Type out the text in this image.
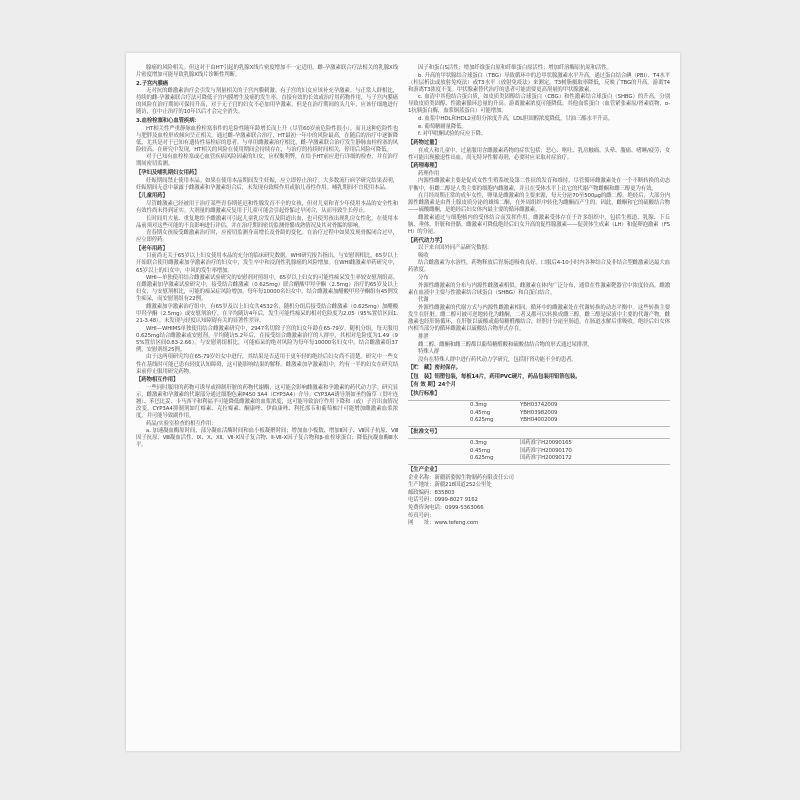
腺癌的风险相关。但这对于由HT引起的乳腺X线片密度增加不一定适用。雌-孕激素联合疗法相关的乳腺X线片密度增加可能导致乳腺X线片诊断性判断。

2.子宫内膜癌

无对抗的雌激素治疗会引发与剂量相关的子宫内膜刺激。有子宫的妇女应该补充孕激素。与正常人群相比，持续的雌-孕激素联合疗法可降低子宫内膜增生及癌的发生率。直接有效的长效或治疗用药物作用，与子宫内膜癌的风险在治疗期间可保持升高，对于无子宫的妇女不必加用孕激素，但是在治疗期间的头几年，应该仔细地进行随访，在中止治疗的10年以后才会完全消失。

3.血栓栓塞和心血管疾病：

HT相关性严重静脉血栓栓塞事件的危险性随年龄增长而上升（尽管60岁前危险性很小）。而且这种危险性也与肥胖及血栓形成倾向呈正相关。通过雌-孕激素联合治疗，HT最初一年中的风险最高，在随后的治疗中逐渐降低，尤其是对于已知有遗传性易栓症的患者。与单用雌激素治疗相比，雌-孕激素联合治疗发生静脉血栓栓塞的风险较高。在研究中发现，HT相关的风险在使用期间会持续存在，与治疗的持续时间相关，停用后风险可降低。

对于已知有血栓栓塞或心血管疾病风险因素的妇女，应权衡利弊，在给予HT前应进行详细的检查，并在治疗期间密切监测。

【孕妇及哺乳期妇女用药】

妊娠期间禁止使用本品。如果在使用本品期间发生妊娠，应立即停止治疗。大多数流行病学研究结果表明，妊娠期间无意中暴露于雌激素和孕激素组合后，未发现有致畸作用或胎儿毒性作用。哺乳期间不宜使用本品。

【儿童用药】

尽管雌激素已经被用于治疗某些青春期延迟和性腺发育不全的女孩，但对儿童和青少年使用本品的安全性和有效性尚未得到证实。大剂量的雌激素反复用于儿童可能会引起骨骺过早闭合，从而导致生长停止。

长时间用大量、重复地给予雌激素可引起儿童乳房发育及阴道出血，也可使男孩出现乳房女性化。在使用本品前须对这些可能的不良影响进行评估，并在治疗期间密切监测骨骼成熟情况及其对骨骺的影响。

青春期女孩接受雌激素治疗时，应密切监测身高增长及骨龄的变化。在治疗过程中如果发现骨骺闭合过早，应立即停药。

【老年用药】

目前尚无关于65岁以上妇女使用本品的充分的临床研究数据。WHI研究报告指出，与安慰剂相比，65岁以上开始联合使用雌激素加孕激素治疗的妇女中，发生卒中和浸润性乳腺癌的风险增加。在WHI雌激素单药研究中，65岁以上的妇女中，中风的发生率增加。

WHI—单独使用结合雌激素试验研究的安慰剂对照组中，65岁以上妇女的可能性痴呆发生率较安慰剂组高。在雌激素加孕激素试验研究中，接受结合雌激素（0.625mg）联合醋酸甲羟孕酮（2.5mg）治疗的65岁及以上妇女，与安慰剂相比，可能的痴呆症风险增加。每年每10000名妇女中，结合雌激素加醋酸甲羟孕酮组有45例发生痴呆，而安慰剂组有22例。

雌激素加孕激素治疗组中，有65岁及以上妇女共4532名，随机分组后接受结合雌激素（0.625mg）加醋酸甲羟孕酮（2.5mg）或安慰剂治疗。在平均随访4年后，发生可能性痴呆的相对危险度为2.05（95%置信区间1.21-3.48）。未发现与轻度认知障碍有关的显著性差异。

WHI—WHIMS单独使用结合雌激素研究中，2947名切除子宫的妇女年龄在65-79岁，随机分组，每天服用0.625mg结合雌激素或安慰剂。平均随访5.2年后，在接受结合雌激素治疗的人群中，其相对危险度为1.49（95%置信区间0.83-2.66）。与安慰剂组相比，可能痴呆的绝对风险为每年每10000名妇女中，结合雌激素组37例，安慰剂组25例。

由于这两项研究均在65-79岁妇女中进行，其结果是否适用于更年轻的绝经后妇女尚不清楚。研究中一些女性在基线时可能已患有轻度认知障碍，这可能影响结果的解释。雌激素加孕激素组中，约有一半的妇女在研究结束前停止服用研究药物。

【药物相互作用】

一些同时服用的药物可诱导或抑制肝脏的药物代谢酶，这可能会影响雌激素和孕激素的药代动力学。研究显示，雌激素和孕激素的代谢部分通过细胞色素P450 3A4（CYP3A4）介导。CYP3A4诱导剂如圣约翰草（贯叶连翘）、苯巴比妥、卡马西平和利福平可能降低雌激素的血浆浓度，这可能导致治疗作用下降和（或）子宫出血情况改变。CYP3A4抑制剂如红霉素、克拉霉素、酮康唑、伊曲康唑、利托那韦和葡萄柚汁可能增加雌激素血浆浓度，并可能导致副作用。

药品/实验室检查的相互作用：

a. 加速凝血酶原时间，部分凝血活酶时间和血小板凝聚时间；增加血小板数、增加Ⅱ因子、Ⅶ因子抗原、Ⅷ因子抗原、Ⅷ凝血活性、Ⅸ、Ⅹ、Ⅻ、Ⅶ-Ⅹ因子复合物、Ⅱ-Ⅶ-Ⅹ因子复合物和β-血栓球蛋白；降低抗凝血酶Ⅲ水平。

因子和蛋白S活性；增加纤维蛋白原和纤维蛋白原活性；增加纤溶酶原抗原和活性。

b. 升高的甲状腺结合球蛋白（TBG）导致循环中的总甲状腺激素水平升高，通过蛋白结合碘（PBI）、T4水平（柱层析法或放射免疫法）或T3水平（放射免疫法）来测定。T3树脂摄取率降低，反映了TBG的升高。游离T4和游离T3浓度不变。甲状腺素替代治疗的患者可能需要更高剂量的甲状腺激素。

c. 血清中其他结合蛋白质，如皮质类固醇结合球蛋白（CBG）和性激素结合球蛋白（SHBG）的升高，分别导致皮质类固醇、性激素循环总量的升高。游离激素浓度可能降低。其他血浆蛋白（血管紧张素原/肾素底物，α-1抗胰蛋白酶，血浆铜蓝蛋白）可能增加。

d. 血浆中HDL和HDL2亚组分浓度升高，LDL胆固醇浓度降低，甘油三酯水平升高。

e. 葡萄糖耐量降低。

f. 对甲吡酮试验的反应下降。

【药物过量】

在成人和儿童中，过量服用含雌激素药物的症状包括：恶心、呕吐、乳房触痛、头晕、腹痛、嗜睡/疲劳；女性可能出现撤退性出血。尚无特异性解毒剂，必要时应采取对症治疗。

【药理毒理】

药理作用

内源性雌激素主要是促成女性生殖系统及第二性征的发育和维持。尽管循环雌激素处在一个不断转换的动态平衡中，但雌二醇是人类主要的细胞内雌激素，并且在受体水平上比它的代谢产物雌酮和雌三醇更为有效。

在月经周期正常的成年女性，卵巢是雌激素的主要来源，每天分泌70至500μg的雌二醇。绝经后，大部分内源性雌激素是由肾上腺皮质分泌的雄烯二酮，在外周组织中转化为雌酮而产生的。因此，雌酮和它的硫酸结合物——硫酸雌酮，是绝经后妇女体内最主要的循环雌激素。

雌激素通过与细胞核内的受体结合而发挥作用。雌激素受体存在于许多组织中，包括生殖道、乳腺、下丘脑、垂体、肝脏和骨骼。雌激素可降低绝经后妇女升高的促性腺激素——促黄体生成素（LH）和促卵泡激素（FSH）的分泌。

【药代动力学】

以下来自国外同产品研究数据：

吸收

结合雌激素为水溶性，药物释放后胃肠道吸收良好。口服后4-10小时内各种结合及非结合型雌激素达最大血药浓度。

分布

外源性雌激素的分布与内源性雌激素相似。雌激素在体内广泛分布，通常在性激素靶器官中浓度较高。雌激素在血液中主要与性激素结合球蛋白（SHBG）和白蛋白结合。

代谢

外源性雌激素的代谢方式与内源性雌激素相同。循环中的雌激素处在代谢转换的动态平衡中。这些转换主要发生在肝脏。雌二醇可被可逆地转化为雌酮，二者又都可以转换成雌三醇，雌三醇是尿液中主要的代谢产物。雌激素也经肝肠循环，在肝脏以硫酸或葡萄糖醛酸结合，经胆汁分泌至肠道，在肠道水解后重吸收。绝经后妇女体内相当部分的循环雌激素以硫酸结合物形式存在。

排泄

雌二醇、雌酮和雌三醇都以葡萄糖醛酸和硫酸盐结合物的形式通过尿排泄。

特殊人群

没有在特殊人群中进行药代动力学研究，包括肝肾功能不全的患者。

【贮　藏】密封保存。

【包　装】铝塑包装，每板14片，药用PVC硬片，药品包装用铝箔包装。

【有 效 期】24个月

【执行标准】

0.3mg	YBH03742009

0.45mg	YBH03982009

0.625mg	YBH04002009

【批准文号】

0.3mg	国药准字H20090165

0.45mg	国药准字H20090170

0.625mg	国药准字H20090172

【生产企业】

企业名称：新疆新姿源生物制药有限责任公司

生产地址：新疆218国道252公里处

邮政编码：835803

电话号码：0999-8027 9162

免费咨询电话：0999-5363066

传真号码：

网　　址：www.tefeng.com
